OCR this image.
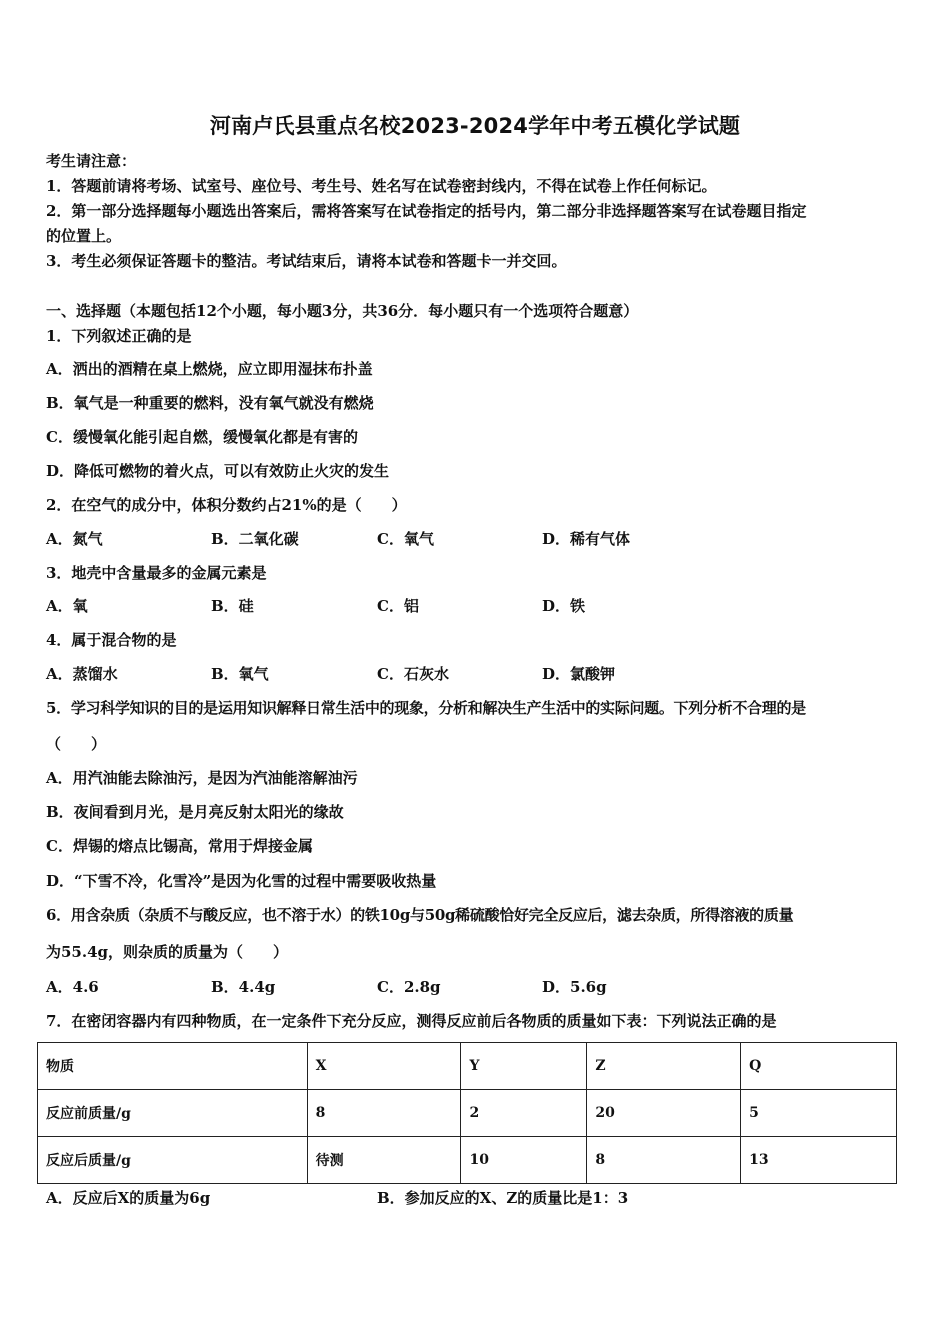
河南卢氏县重点名校2023-2024学年中考五模化学试题
考生请注意：
1．答题前请将考场、试室号、座位号、考生号、姓名写在试卷密封线内，不得在试卷上作任何标记。
2．第一部分选择题每小题选出答案后，需将答案写在试卷指定的括号内，第二部分非选择题答案写在试卷题目指定
的位置上。
3．考生必须保证答题卡的整洁。考试结束后，请将本试卷和答题卡一并交回。
一、选择题（本题包括12个小题，每小题3分，共36分．每小题只有一个选项符合题意）
1．下列叙述正确的是
A．洒出的酒精在桌上燃烧，应立即用湿抹布扑盖
B．氧气是一种重要的燃料，没有氧气就没有燃烧
C．缓慢氧化能引起自燃，缓慢氧化都是有害的
D．降低可燃物的着火点，可以有效防止火灾的发生
2．在空气的成分中，体积分数约占21%的是（　　）
A．氮气	B．二氧化碳	C．氧气	D．稀有气体
3．地壳中含量最多的金属元素是
A．氧	B．硅	C．铝	D．铁
4．属于混合物的是
A．蒸馏水	B．氧气	C．石灰水	D．氯酸钾
5．学习科学知识的目的是运用知识解释日常生活中的现象，分析和解决生产生活中的实际问题。下列分析不合理的是
（　　）
A．用汽油能去除油污，是因为汽油能溶解油污
B．夜间看到月光，是月亮反射太阳光的缘故
C．焊锡的熔点比锡高，常用于焊接金属
D．“下雪不冷，化雪冷”是因为化雪的过程中需要吸收热量
6．用含杂质（杂质不与酸反应，也不溶于水）的铁10g与50g稀硫酸恰好完全反应后，滤去杂质，所得溶液的质量
为55.4g，则杂质的质量为（　　）
A．4.6	B．4.4g	C．2.8g	D．5.6g
7．在密闭容器内有四种物质，在一定条件下充分反应，测得反应前后各物质的质量如下表：下列说法正确的是
物质	X	Y	Z	Q
反应前质量/g	8	2	20	5
反应后质量/g	待测	10	8	13
A．反应后X的质量为6g	B．参加反应的X、Z的质量比是1：3
